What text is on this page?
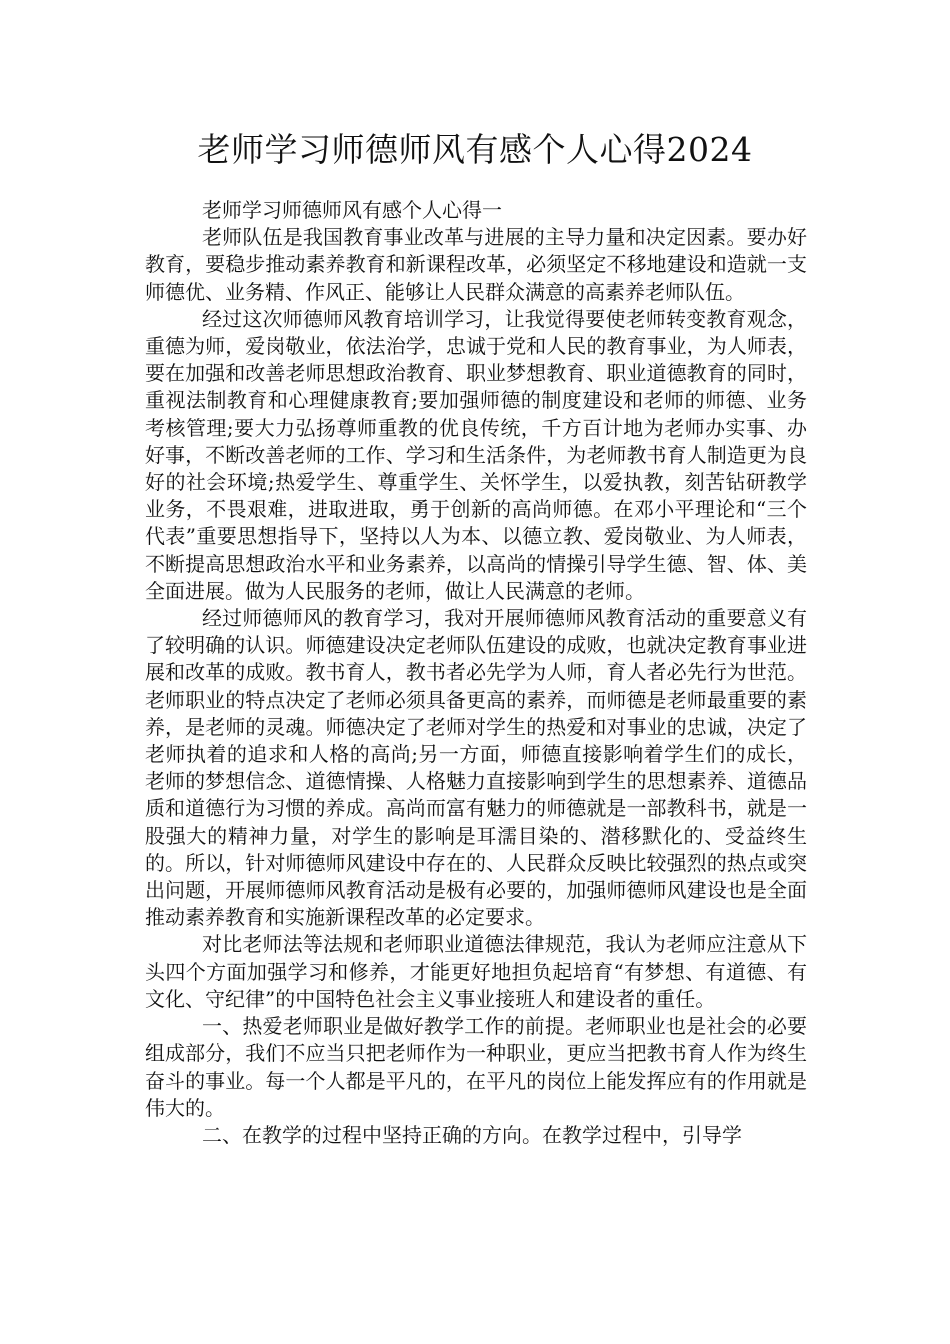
老师学习师德师风有感个人心得2024

老师学习师德师风有感个人心得一

老师队伍是我国教育事业改革与进展的主导力量和决定因素。要办好教育，要稳步推动素养教育和新课程改革，必须坚定不移地建设和造就一支师德优、业务精、作风正、能够让人民群众满意的高素养老师队伍。

经过这次师德师风教育培训学习，让我觉得要使老师转变教育观念，重德为师，爱岗敬业，依法治学，忠诚于党和人民的教育事业，为人师表，要在加强和改善老师思想政治教育、职业梦想教育、职业道德教育的同时，重视法制教育和心理健康教育;要加强师德的制度建设和老师的师德、业务考核管理;要大力弘扬尊师重教的优良传统，千方百计地为老师办实事、办好事，不断改善老师的工作、学习和生活条件，为老师教书育人制造更为良好的社会环境;热爱学生、尊重学生、关怀学生，以爱执教，刻苦钻研教学业务，不畏艰难，进取进取，勇于创新的高尚师德。在邓小平理论和“三个代表”重要思想指导下，坚持以人为本、以德立教、爱岗敬业、为人师表，不断提高思想政治水平和业务素养，以高尚的情操引导学生德、智、体、美全面进展。做为人民服务的老师，做让人民满意的老师。

经过师德师风的教育学习，我对开展师德师风教育活动的重要意义有了较明确的认识。师德建设决定老师队伍建设的成败，也就决定教育事业进展和改革的成败。教书育人，教书者必先学为人师，育人者必先行为世范。老师职业的特点决定了老师必须具备更高的素养，而师德是老师最重要的素养，是老师的灵魂。师德决定了老师对学生的热爱和对事业的忠诚，决定了老师执着的追求和人格的高尚;另一方面，师德直接影响着学生们的成长，老师的梦想信念、道德情操、人格魅力直接影响到学生的思想素养、道德品质和道德行为习惯的养成。高尚而富有魅力的师德就是一部教科书，就是一股强大的精神力量，对学生的影响是耳濡目染的、潜移默化的、受益终生的。所以，针对师德师风建设中存在的、人民群众反映比较强烈的热点或突出问题，开展师德师风教育活动是极有必要的，加强师德师风建设也是全面推动素养教育和实施新课程改革的必定要求。

对比老师法等法规和老师职业道德法律规范，我认为老师应注意从下头四个方面加强学习和修养，才能更好地担负起培育“有梦想、有道德、有文化、守纪律”的中国特色社会主义事业接班人和建设者的重任。

一、热爱老师职业是做好教学工作的前提。老师职业也是社会的必要组成部分，我们不应当只把老师作为一种职业，更应当把教书育人作为终生奋斗的事业。每一个人都是平凡的，在平凡的岗位上能发挥应有的作用就是伟大的。

二、在教学的过程中坚持正确的方向。在教学过程中，引导学
